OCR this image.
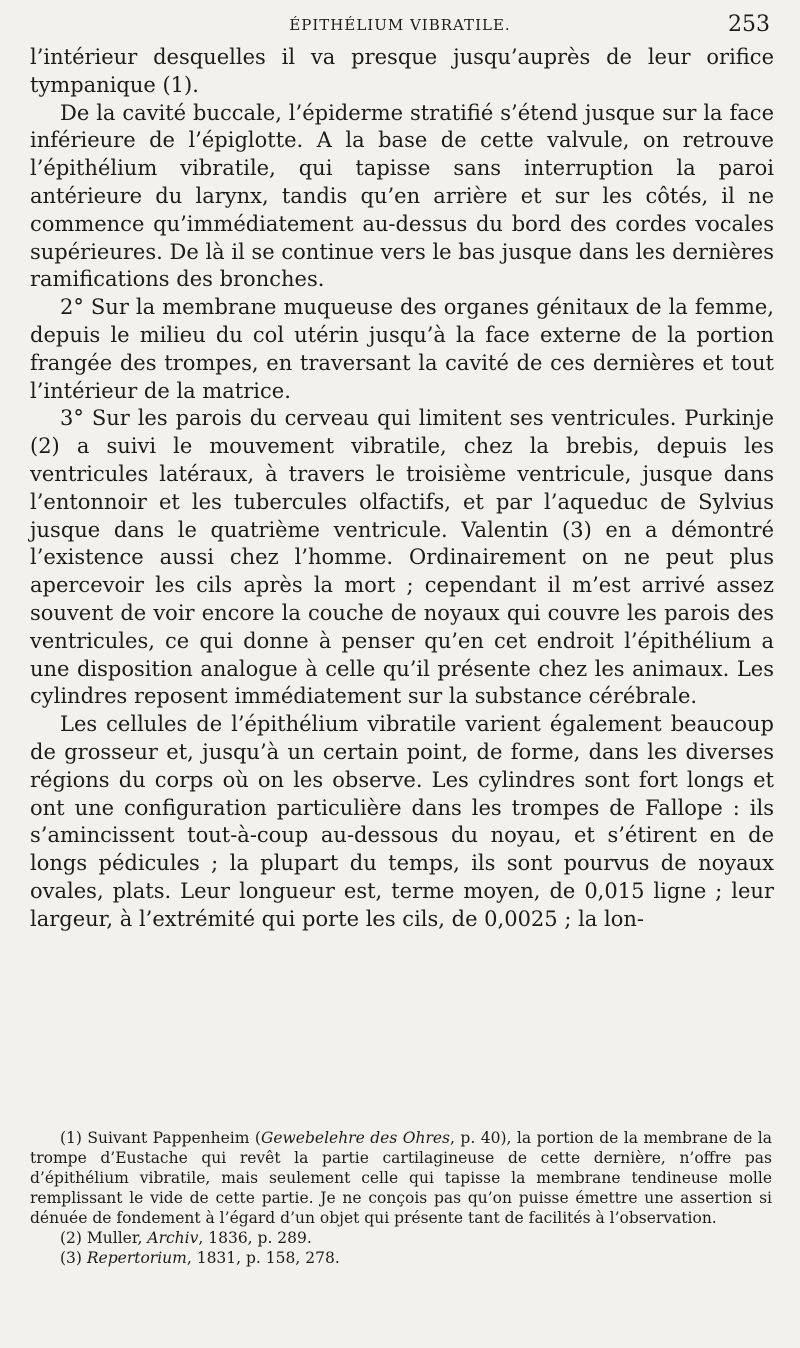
ÉPITHÉLIUM VIBRATILE.	253

l’intérieur desquelles il va presque jusqu’auprès de leur orifice tympanique (1).

De la cavité buccale, l’épiderme stratifié s’étend jusque sur la face inférieure de l’épiglotte. A la base de cette valvule, on retrouve l’épithélium vibratile, qui tapisse sans interruption la paroi antérieure du larynx, tandis qu’en arrière et sur les côtés, il ne commence qu’immédiatement au-dessus du bord des cordes vocales supérieures. De là il se continue vers le bas jusque dans les dernières ramifications des bronches.

2° Sur la membrane muqueuse des organes génitaux de la femme, depuis le milieu du col utérin jusqu’à la face externe de la portion frangée des trompes, en traversant la cavité de ces dernières et tout l’intérieur de la matrice.

3° Sur les parois du cerveau qui limitent ses ventricules. Purkinje (2) a suivi le mouvement vibratile, chez la brebis, depuis les ventricules latéraux, à travers le troisième ventricule, jusque dans l’entonnoir et les tubercules olfactifs, et par l’aqueduc de Sylvius jusque dans le quatrième ventricule. Valentin (3) en a démontré l’existence aussi chez l’homme. Ordinairement on ne peut plus apercevoir les cils après la mort ; cependant il m’est arrivé assez souvent de voir encore la couche de noyaux qui couvre les parois des ventricules, ce qui donne à penser qu’en cet endroit l’épithélium a une disposition analogue à celle qu’il présente chez les animaux. Les cylindres reposent immédiatement sur la substance cérébrale.

Les cellules de l’épithélium vibratile varient également beaucoup de grosseur et, jusqu’à un certain point, de forme, dans les diverses régions du corps où on les observe. Les cylindres sont fort longs et ont une configuration particulière dans les trompes de Fallope : ils s’amincissent tout-à-coup au-dessous du noyau, et s’étirent en de longs pédicules ; la plupart du temps, ils sont pourvus de noyaux ovales, plats. Leur longueur est, terme moyen, de 0,015 ligne ; leur largeur, à l’extrémité qui porte les cils, de 0,0025 ; la lon-

(1) Suivant Pappenheim (Gewebelehre des Ohres, p. 40), la portion de la membrane de la trompe d’Eustache qui revêt la partie cartilagineuse de cette dernière, n’offre pas d’épithélium vibratile, mais seulement celle qui tapisse la membrane tendineuse molle remplissant le vide de cette partie. Je ne conçois pas qu’on puisse émettre une assertion si dénuée de fondement à l’égard d’un objet qui présente tant de facilités à l’observation.

(2) Muller, Archiv, 1836, p. 289.

(3) Repertorium, 1831, p. 158, 278.
